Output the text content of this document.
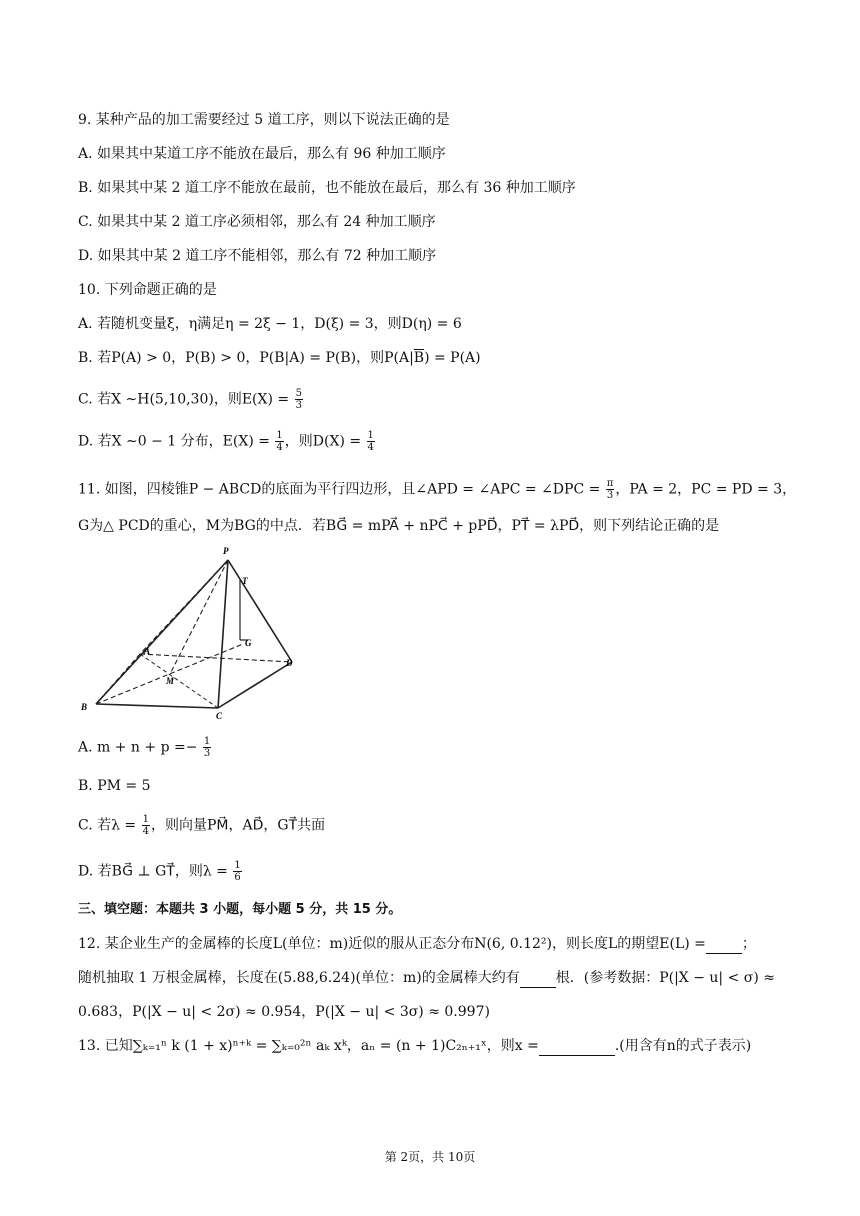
9. 某种产品的加工需要经过 5 道工序，则以下说法正确的是
A. 如果其中某道工序不能放在最后，那么有 96 种加工顺序
B. 如果其中某 2 道工序不能放在最前，也不能放在最后，那么有 36 种加工顺序
C. 如果其中某 2 道工序必须相邻，那么有 24 种加工顺序
D. 如果其中某 2 道工序不能相邻，那么有 72 种加工顺序
10. 下列命题正确的是
A. 若随机变量ξ，η满足η = 2ξ − 1，D(ξ) = 3，则D(η) = 6
B. 若P(A) > 0，P(B) > 0，P(B|A) = P(B)，则$P(A|\overline{B}) = P(A)$
C. 若X ∼H(5,10,30)，则$E(X) = \frac{5}{3}$
D. 若X ∼0 − 1 分布，$E(X) = \frac{1}{4}$ ，则$D(X) = \frac{1}{4}$
11. 如图，四棱锥P − ABCD的底面为平行四边形，且∠APD = ∠APC = ∠DPC = $\frac{\pi}{3}$ ，PA = 2，PC = PD = 3，
G为△ PCD的重心，M为BG的中点．若BG⃗ = mPA⃗ + nPC⃗ + pPD⃗，PT⃗ = λPD⃗，则下列结论正确的是
P
T
G
A
M
D
B
C
A. $m + n + p =- \frac{1}{3}$
B. PM = 5
C. 若$\lambda = \frac{1}{4}$ ，则向量PM⃗，AD⃗，GT⃗共面
D. 若BG⃗ ⊥ GT⃗，则$\lambda = \frac{1}{6}$
三、填空题：本题共 3 小题，每小题 5 分，共 15 分。
12. 某企业生产的金属棒的长度L(单位：m)近似的服从正态分布N(6, 0.12²)，则长度L的期望E(L) =	；
随机抽取 1 万根金属棒，长度在(5.88,6.24)(单位：m)的金属棒大约有	根．(参考数据：P(|X − u| < σ) ≈
0.683，P(|X − u| < 2σ) ≈ 0.954，P(|X − u| < 3σ) ≈ 0.997)
13. 已知∑ₖ₌₁ⁿ k (1 + x)ⁿ⁺ᵏ = ∑ₖ₌₀²ⁿ aₖ xᵏ，aₙ = (n + 1)C₂ₙ₊₁ˣ，则x =	.(用含有n的式子表示)
第 2页，共 10页
